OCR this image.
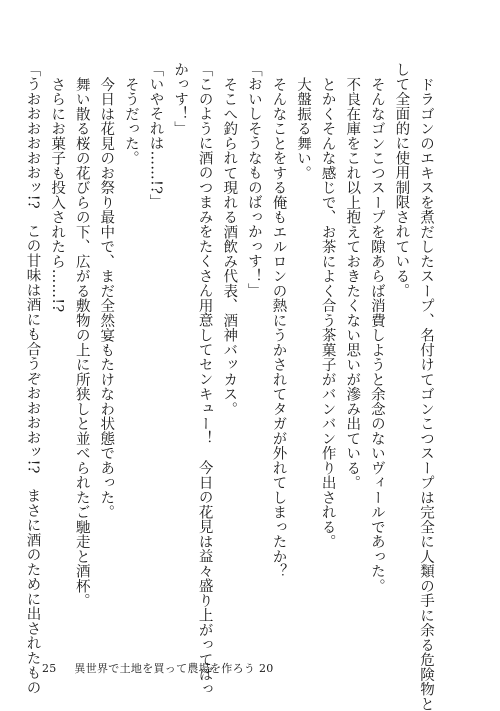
ドラゴンのエキスを煮だしたスープ、名付けてゴンこつスープは完全に人類の手に余る危険物と
して全面的に使用制限されている。
そんなゴンこつスープを隙あらば消費しようと余念のないヴィールであった。
不良在庫をこれ以上抱えておきたくない思いが滲み出ている。
とかくそんな感じで、お茶によく合う茶菓子がバンバン作り出される。
大盤振る舞い。
そんなことをする俺もエルロンの熱にうかされてタガが外れてしまったか？
「おいしそうなものばっかっす！」
そこへ釣られて現れる酒飲み代表、酒神バッカス。
「このように酒のつまみをたくさん用意してセンキュー！　今日の花見は益々盛り上がってばっ
かっす！」
「いやそれは……!?」
そうだった。
今日は花見のお祭り最中で、まだ全然宴もたけなわ状態であった。
舞い散る桜の花びらの下、広がる敷物の上に所狭しと並べられたご馳走と酒杯。
さらにお菓子も投入されたら……!?
「うおおおおおおッ!?　この甘味は酒にも合うぞおおおおッ!?　まさに酒のために出されたもの 25 異世界で土地を買って農場を作ろう 20
